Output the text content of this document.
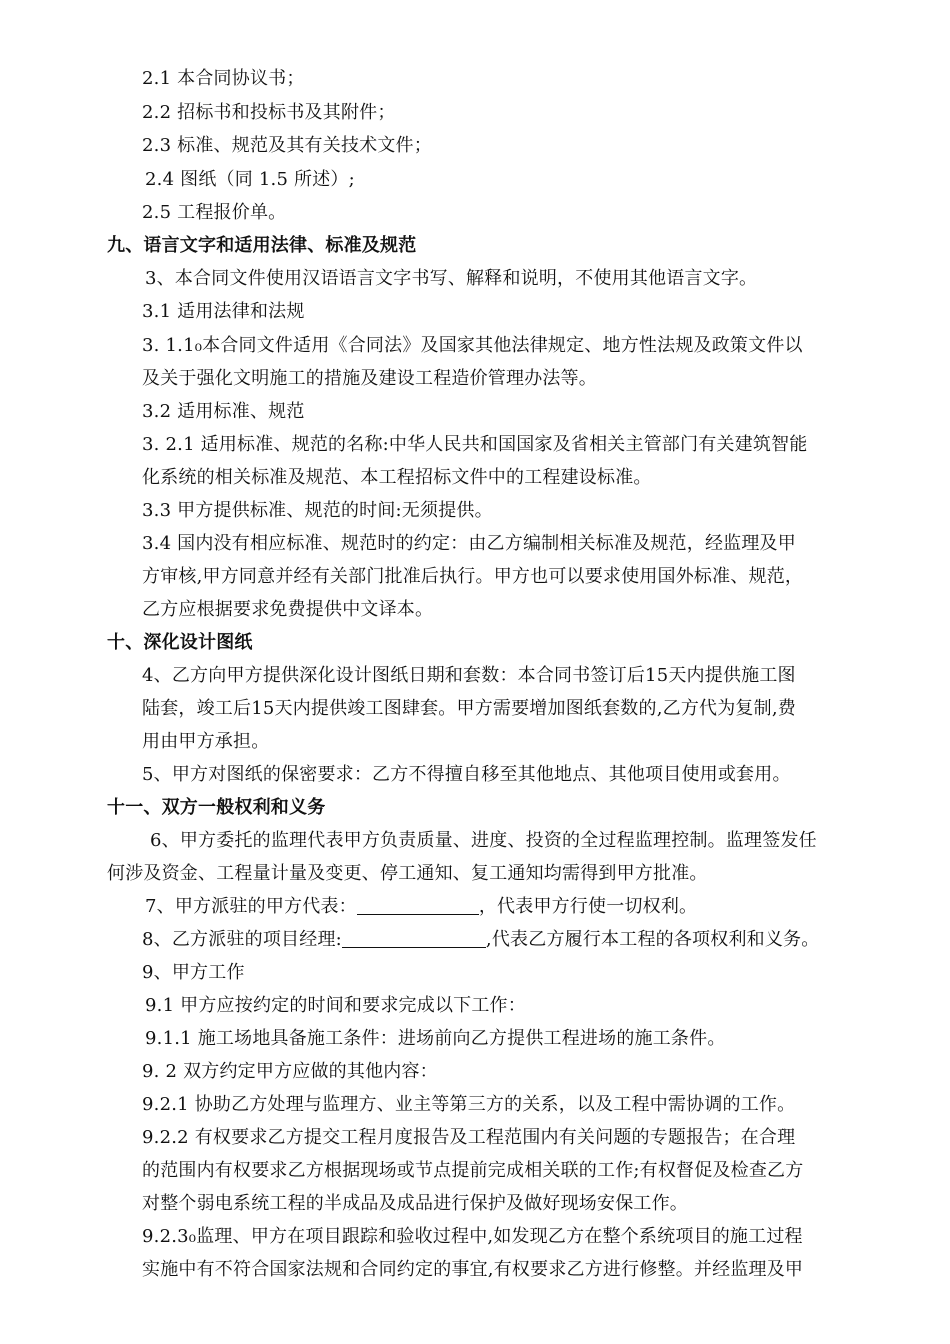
2.1 本合同协议书；
2.2 招标书和投标书及其附件；
2.3 标准、规范及其有关技术文件；
2.4 图纸（同 1.5 所述）;
2.5 工程报价单。
九、语言文字和适用法律、标准及规范
3、本合同文件使用汉语语言文字书写、解释和说明，不使用其他语言文字。
3.1 适用法律和法规
3. 1.1₀本合同文件适用《合同法》及国家其他法律规定、地方性法规及政策文件以
及关于强化文明施工的措施及建设工程造价管理办法等。
3.2 适用标准、规范
3. 2.1 适用标准、规范的名称:中华人民共和国国家及省相关主管部门有关建筑智能
化系统的相关标准及规范、本工程招标文件中的工程建设标准。
3.3 甲方提供标准、规范的时间:无须提供。
3.4 国内没有相应标准、规范时的约定：由乙方编制相关标准及规范，经监理及甲
方审核,甲方同意并经有关部门批准后执行。甲方也可以要求使用国外标准、规范，
乙方应根据要求免费提供中文译本。
十、深化设计图纸
4、乙方向甲方提供深化设计图纸日期和套数：本合同书签订后15天内提供施工图
陆套，竣工后15天内提供竣工图肆套。甲方需要增加图纸套数的,乙方代为复制,费
用由甲方承担。
5、甲方对图纸的保密要求：乙方不得擅自移至其他地点、其他项目使用或套用。
十一、双方一般权利和义务
6、甲方委托的监理代表甲方负责质量、进度、投资的全过程监理控制。监理签发任
何涉及资金、工程量计量及变更、停工通知、复工通知均需得到甲方批准。
7、甲方派驻的甲方代表：	，代表甲方行使一切权利。
8、乙方派驻的项目经理:	,代表乙方履行本工程的各项权利和义务。
9、甲方工作
9.1 甲方应按约定的时间和要求完成以下工作：
9.1.1 施工场地具备施工条件：进场前向乙方提供工程进场的施工条件。
9. 2 双方约定甲方应做的其他内容：
9.2.1 协助乙方处理与监理方、业主等第三方的关系，以及工程中需协调的工作。
9.2.2 有权要求乙方提交工程月度报告及工程范围内有关问题的专题报告；在合理
的范围内有权要求乙方根据现场或节点提前完成相关联的工作;有权督促及检查乙方
对整个弱电系统工程的半成品及成品进行保护及做好现场安保工作。
9.2.3₀监理、甲方在项目跟踪和验收过程中,如发现乙方在整个系统项目的施工过程
实施中有不符合国家法规和合同约定的事宜,有权要求乙方进行修整。并经监理及甲
